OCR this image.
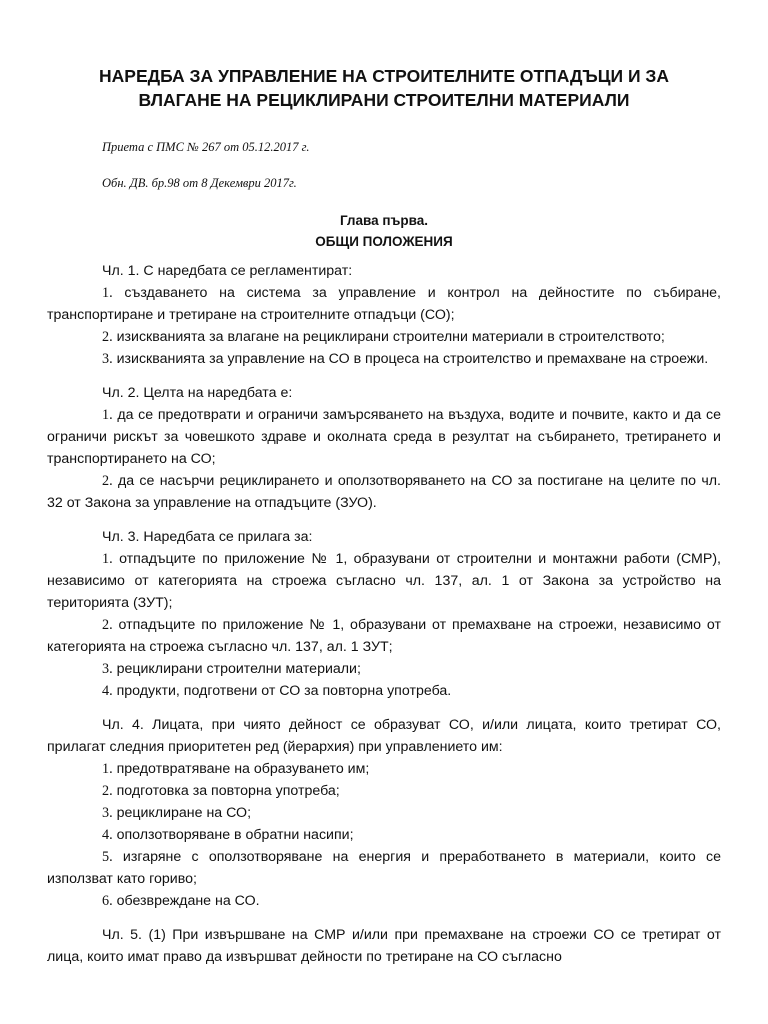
НАРЕДБА ЗА УПРАВЛЕНИЕ НА СТРОИТЕЛНИТЕ ОТПАДЪЦИ И ЗА
ВЛАГАНЕ НА РЕЦИКЛИРАНИ СТРОИТЕЛНИ МАТЕРИАЛИ
Приета с ПМС № 267 от 05.12.2017 г.
Обн. ДВ. бр.98 от 8 Декември 2017г.
Глава първа.
ОБЩИ ПОЛОЖЕНИЯ
Чл. 1. С наредбата се регламентират:
1. създаването на система за управление и контрол на дейностите по събиране, транспортиране и третиране на строителните отпадъци (СО);
2. изискванията за влагане на рециклирани строителни материали в строителството;
3. изискванията за управление на СО в процеса на строителство и премахване на строежи.
Чл. 2. Целта на наредбата е:
1. да се предотврати и ограничи замърсяването на въздуха, водите и почвите, както и да се ограничи рискът за човешкото здраве и околната среда в резултат на събирането, третирането и транспортирането на СО;
2. да се насърчи рециклирането и оползотворяването на СО за постигане на целите по чл. 32 от Закона за управление на отпадъците (ЗУО).
Чл. 3. Наредбата се прилага за:
1. отпадъците по приложение № 1, образувани от строителни и монтажни работи (СМР), независимо от категорията на строежа съгласно чл. 137, ал. 1 от Закона за устройство на територията (ЗУТ);
2. отпадъците по приложение № 1, образувани от премахване на строежи, независимо от категорията на строежа съгласно чл. 137, ал. 1 ЗУТ;
3. рециклирани строителни материали;
4. продукти, подготвени от СО за повторна употреба.
Чл. 4. Лицата, при чиято дейност се образуват СО, и/или лицата, които третират СО, прилагат следния приоритетен ред (йерархия) при управлението им:
1. предотвратяване на образуването им;
2. подготовка за повторна употреба;
3. рециклиране на СО;
4. оползотворяване в обратни насипи;
5. изгаряне с оползотворяване на енергия и преработването в материали, които се използват като гориво;
6. обезвреждане на СО.
Чл. 5. (1) При извършване на СМР и/или при премахване на строежи СО се третират от лица, които имат право да извършват дейности по третиране на СО съгласно
